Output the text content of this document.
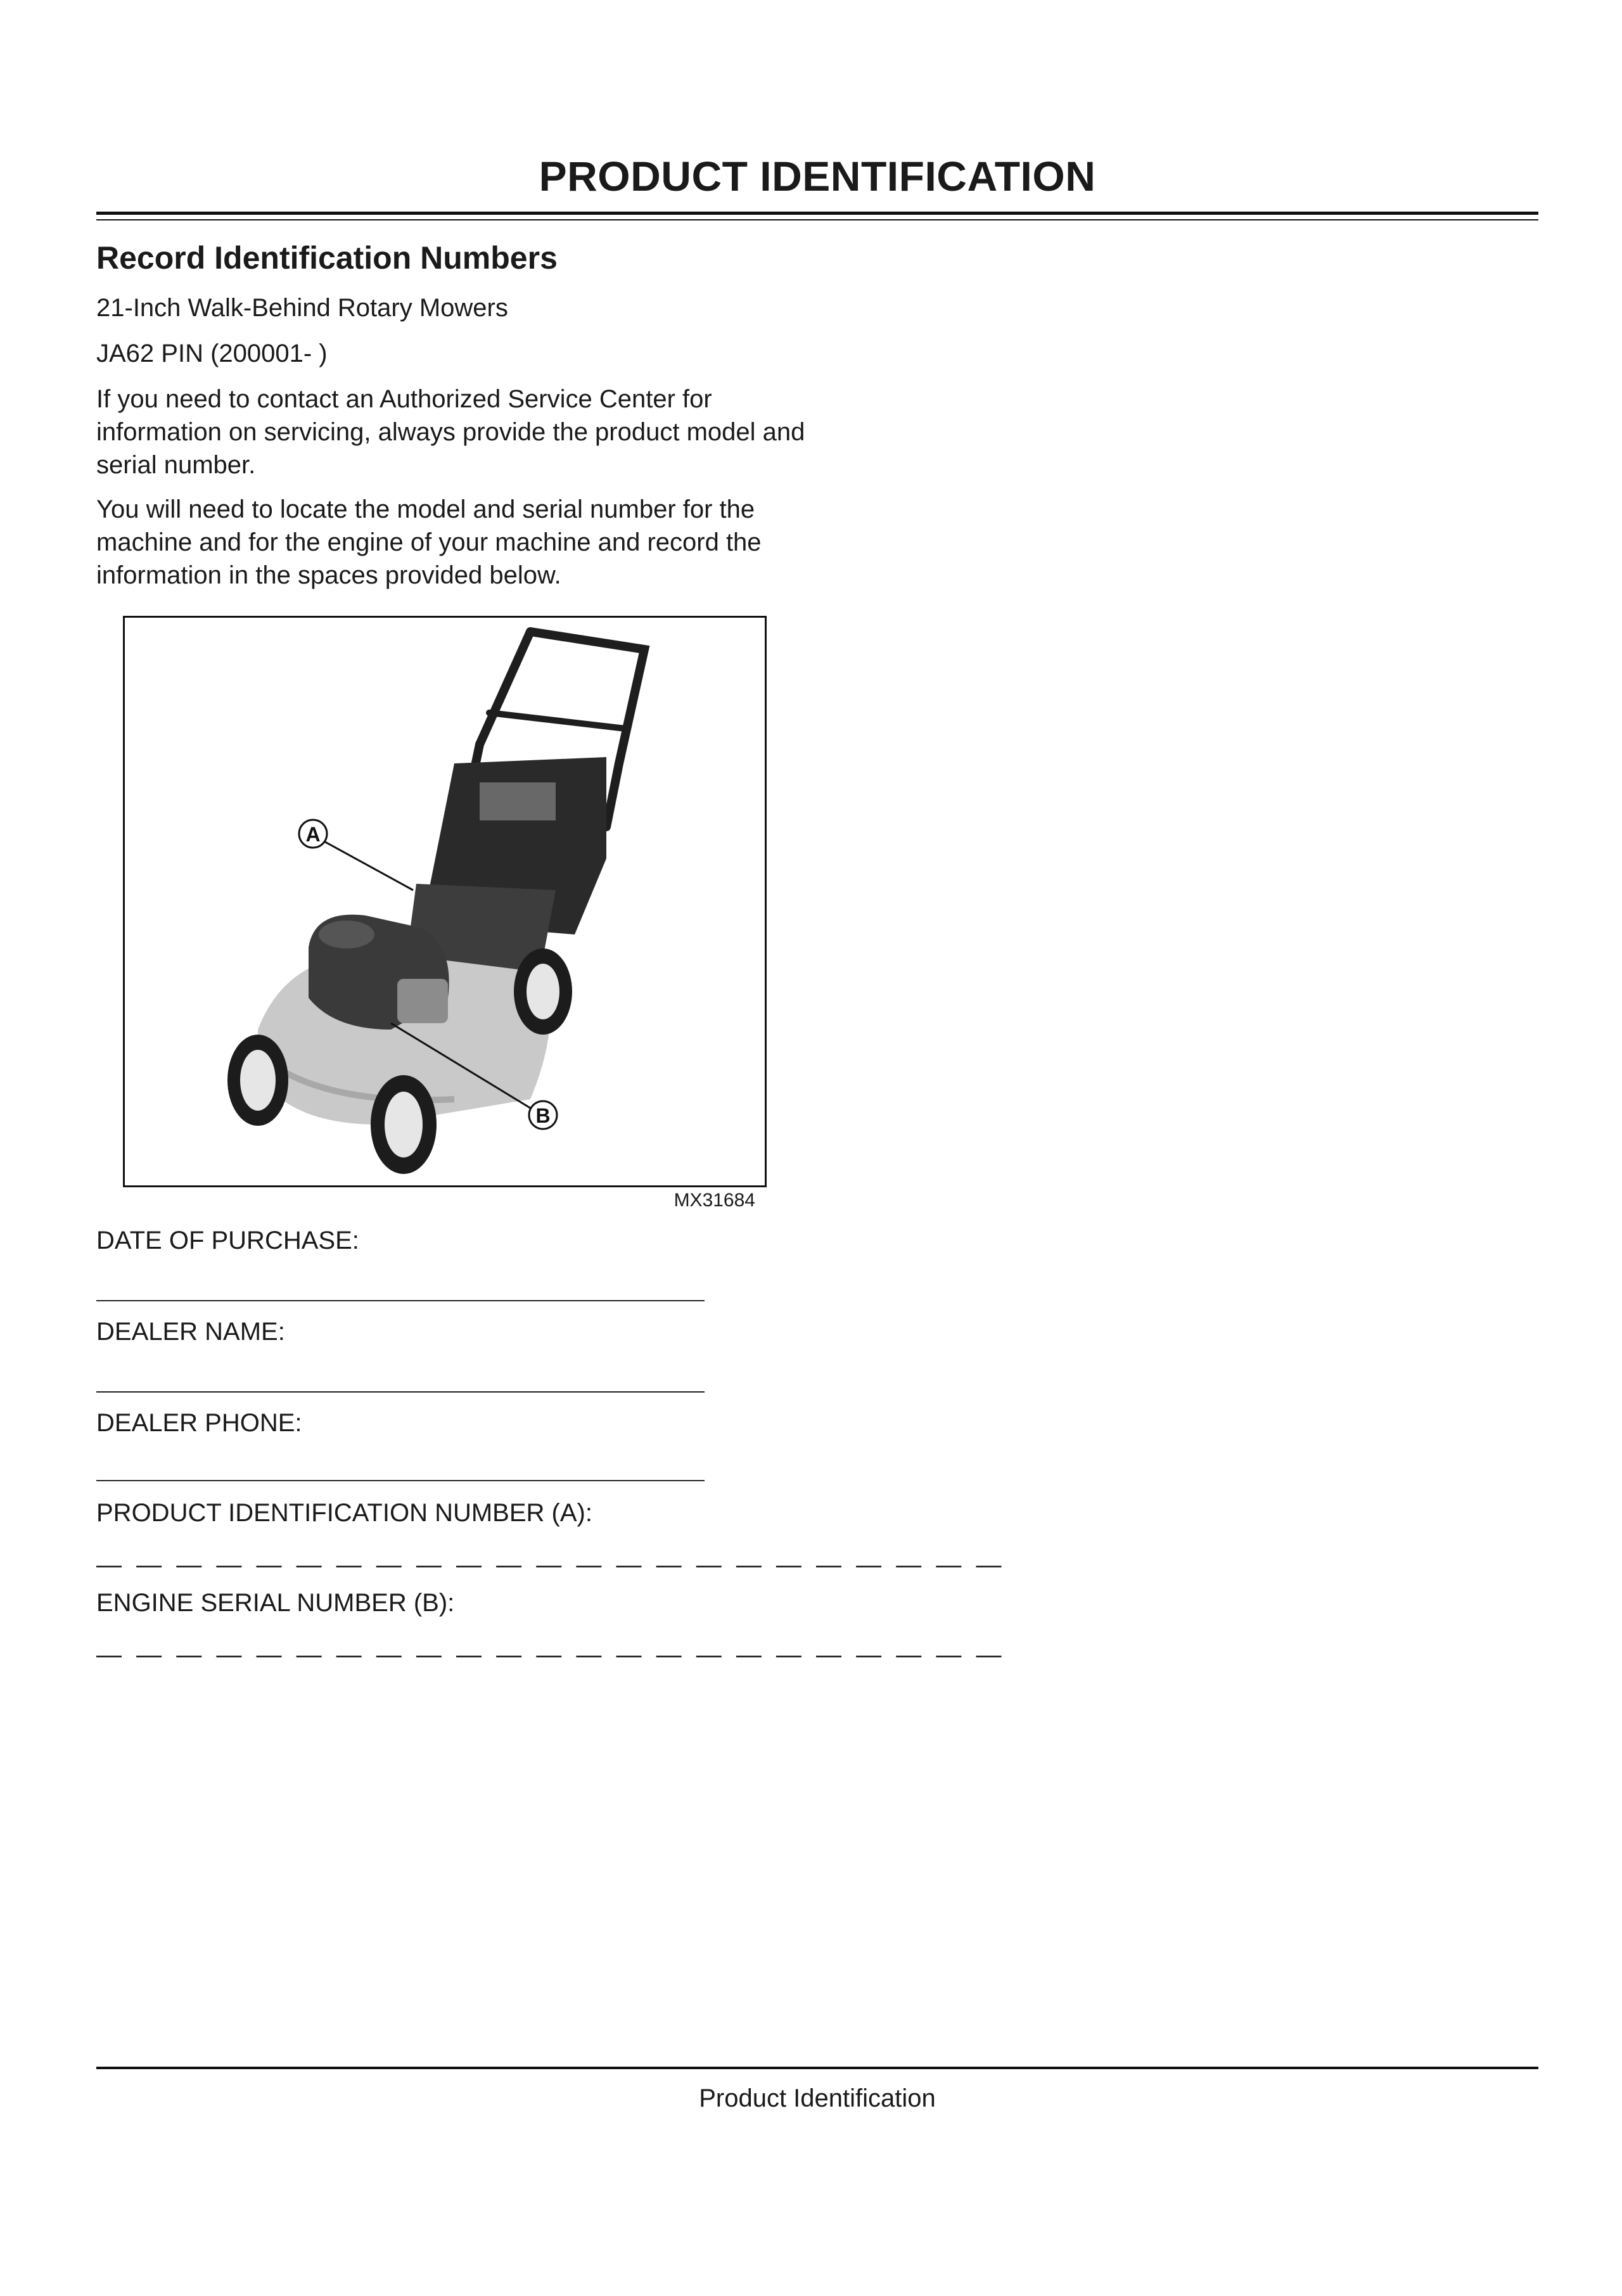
PRODUCT IDENTIFICATION
Record Identification Numbers
21-Inch Walk-Behind Rotary Mowers
JA62 PIN (200001- )
If you need to contact an Authorized Service Center for information on servicing, always provide the product model and serial number.
You will need to locate the model and serial number for the machine and for the engine of your machine and record the information in the spaces provided below.
A
B
MX31684
DATE OF PURCHASE:
DEALER NAME:
DEALER PHONE:
PRODUCT IDENTIFICATION NUMBER (A):
— — — — — — — — — — — — — — — — — — — — — — —
ENGINE SERIAL NUMBER (B):
— — — — — — — — — — — — — — — — — — — — — — —
Product Identification
